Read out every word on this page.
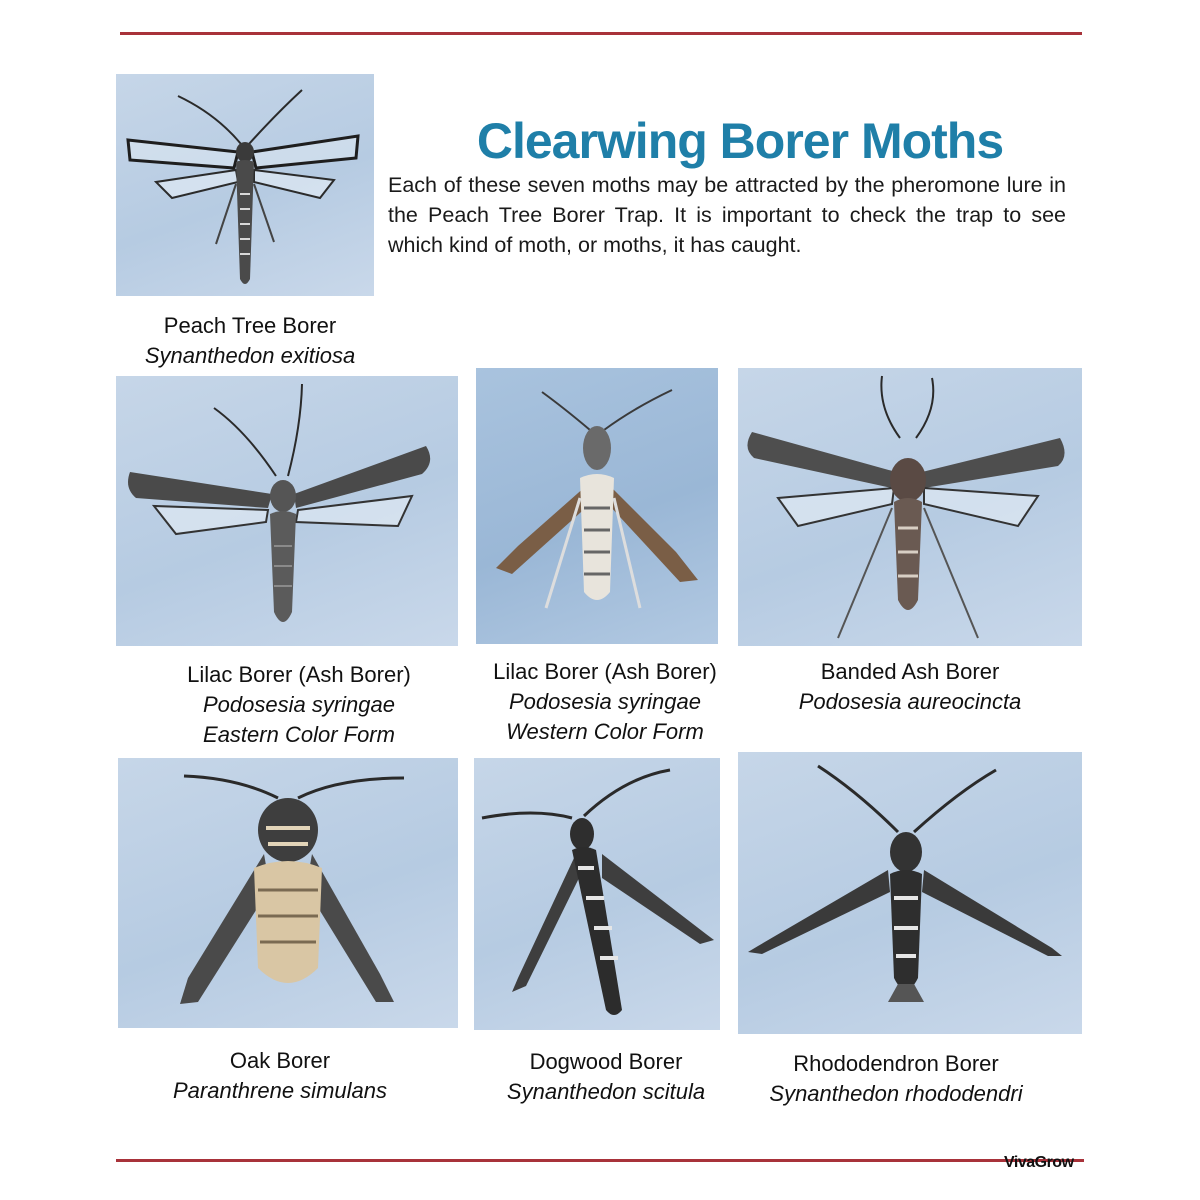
Clearwing Borer Moths
Each of these seven moths may be attracted by the pheromone lure in the Peach Tree Borer Trap. It is important to check the trap to see which kind of moth, or moths, it has caught.
Peach Tree Borer
Synanthedon exitiosa
Lilac Borer (Ash Borer)
Podosesia syringae
Eastern Color Form
Lilac Borer (Ash Borer)
Podosesia syringae
Western Color Form
Banded Ash Borer
Podosesia aureocincta
Oak Borer
Paranthrene simulans
Dogwood Borer
Synanthedon scitula
Rhododendron Borer
Synanthedon rhododendri
VivaGrow
